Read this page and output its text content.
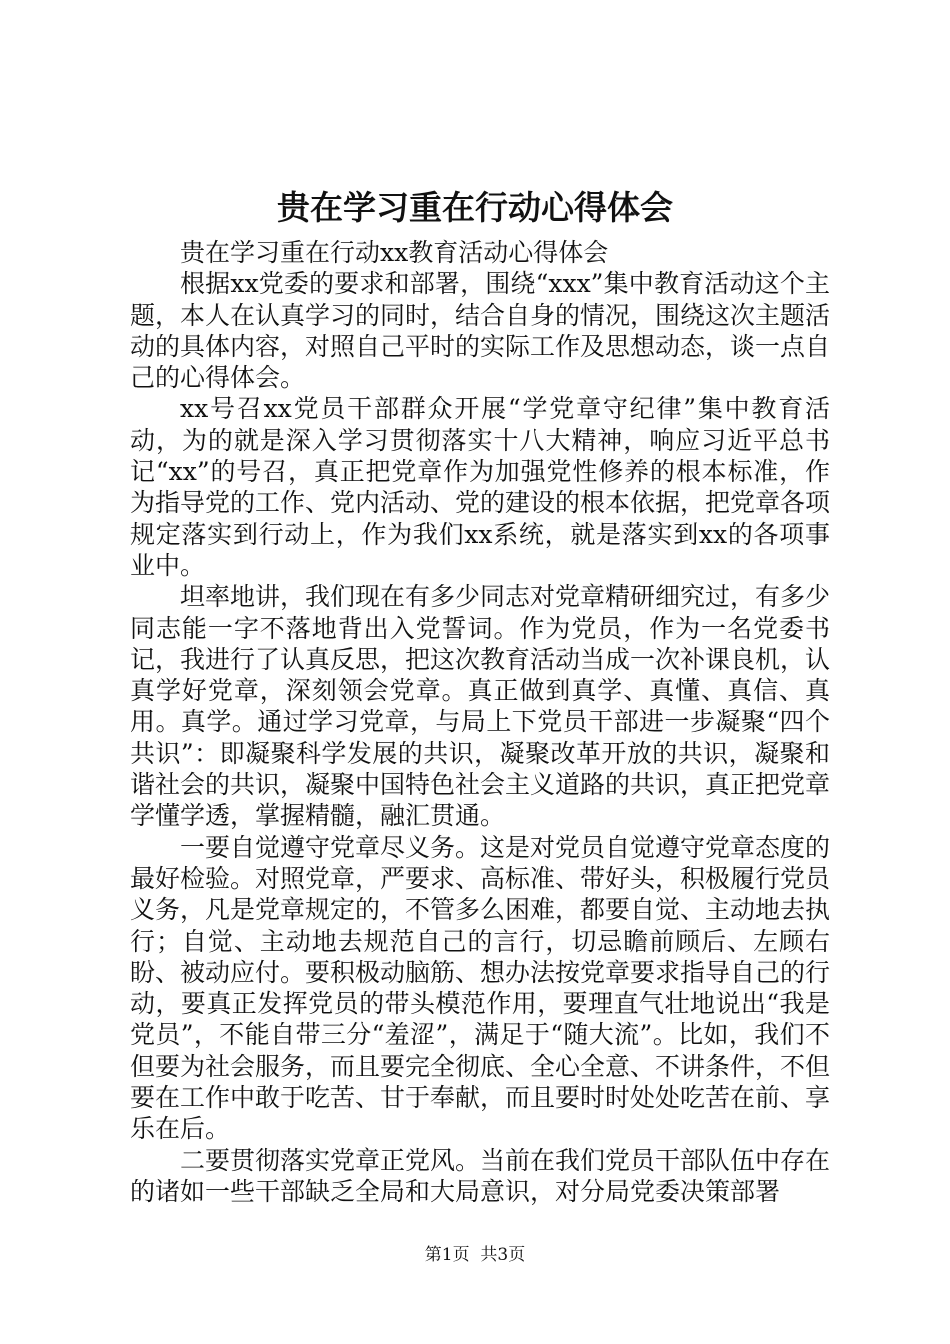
贵在学习重在行动心得体会

贵在学习重在行动xx教育活动心得体会

根据xx党委的要求和部署，围绕“xxx”集中教育活动这个主题，本人在认真学习的同时，结合自身的情况，围绕这次主题活动的具体内容，对照自己平时的实际工作及思想动态，谈一点自己的心得体会。

xx号召xx党员干部群众开展“学党章守纪律”集中教育活动，为的就是深入学习贯彻落实十八大精神，响应习近平总书记“xx”的号召，真正把党章作为加强党性修养的根本标准，作为指导党的工作、党内活动、党的建设的根本依据，把党章各项规定落实到行动上，作为我们xx系统，就是落实到xx的各项事业中。

坦率地讲，我们现在有多少同志对党章精研细究过，有多少同志能一字不落地背出入党誓词。作为党员，作为一名党委书记，我进行了认真反思，把这次教育活动当成一次补课良机，认真学好党章，深刻领会党章。真正做到真学、真懂、真信、真用。真学。通过学习党章，与局上下党员干部进一步凝聚“四个共识”：即凝聚科学发展的共识，凝聚改革开放的共识，凝聚和谐社会的共识，凝聚中国特色社会主义道路的共识，真正把党章学懂学透，掌握精髓，融汇贯通。

一要自觉遵守党章尽义务。这是对党员自觉遵守党章态度的最好检验。对照党章，严要求、高标准、带好头，积极履行党员义务，凡是党章规定的，不管多么困难，都要自觉、主动地去执行；自觉、主动地去规范自己的言行，切忌瞻前顾后、左顾右盼、被动应付。要积极动脑筋、想办法按党章要求指导自己的行动，要真正发挥党员的带头模范作用，要理直气壮地说出“我是党员”，不能自带三分“羞涩”，满足于“随大流”。比如，我们不但要为社会服务，而且要完全彻底、全心全意、不讲条件，不但要在工作中敢于吃苦、甘于奉献，而且要时时处处吃苦在前、享乐在后。

二要贯彻落实党章正党风。当前在我们党员干部队伍中存在的诸如一些干部缺乏全局和大局意识，对分局党委决策部署

第1页  共3页
